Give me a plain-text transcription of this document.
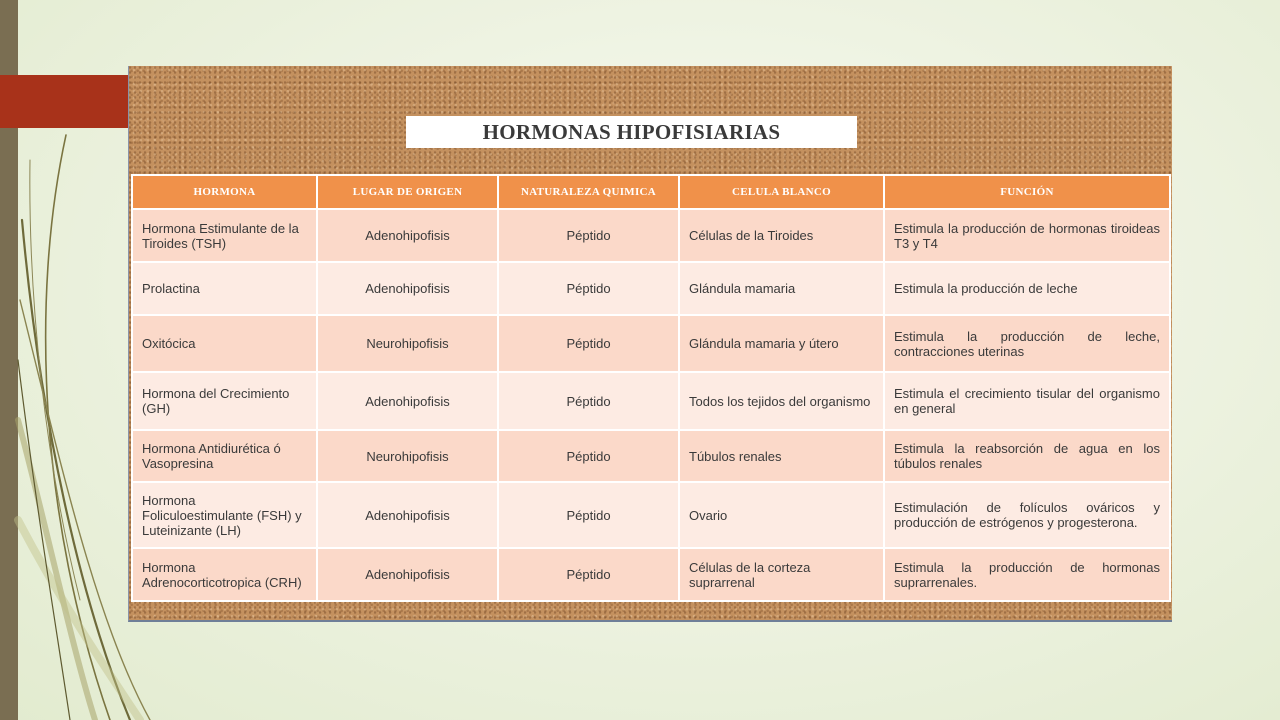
HORMONAS HIPOFISIARIAS
HORMONA	LUGAR DE ORIGEN	NATURALEZA QUIMICA	CELULA BLANCO	FUNCIÓN
Hormona Estimulante de la Tiroides (TSH)	Adenohipofisis	Péptido	Células de la Tiroides	Estimula la producción de hormonas tiroideas T3 y T4
Prolactina	Adenohipofisis	Péptido	Glándula mamaria	Estimula la producción de leche
Oxitócica	Neurohipofisis	Péptido	Glándula mamaria y útero	Estimula la producción de leche, contracciones uterinas
Hormona del Crecimiento (GH)	Adenohipofisis	Péptido	Todos los tejidos del organismo	Estimula el crecimiento tisular del organismo en general
Hormona Antidiurética ó Vasopresina	Neurohipofisis	Péptido	Túbulos renales	Estimula la reabsorción de agua en los túbulos renales
Hormona Foliculoestimulante (FSH) y Luteinizante (LH)	Adenohipofisis	Péptido	Ovario	Estimulación de folículos ováricos y producción de estrógenos y progesterona.
Hormona Adrenocorticotropica (CRH)	Adenohipofisis	Péptido	Células de la corteza suprarrenal	Estimula la producción de hormonas suprarrenales.
